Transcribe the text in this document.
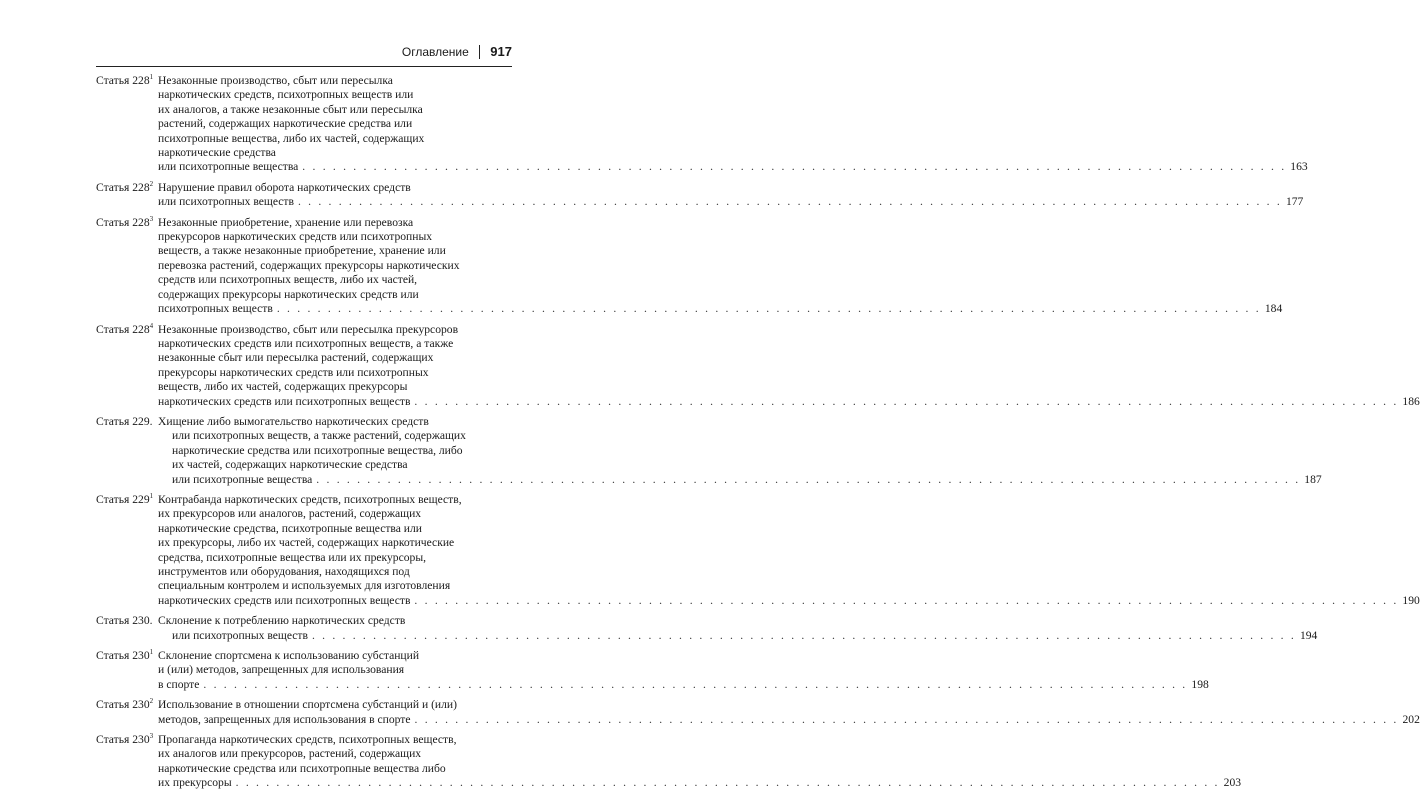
Оглавление 917
Статья $228^1$ Незаконные производство, сбыт или пересылка
наркотических средств, психотропных веществ или
их аналогов, а также незаконные сбыт или пересылка
растений, содержащих наркотические средства или
психотропные вещества, либо их частей, содержащих
наркотические средства
или психотропные вещества . . .	163
Статья $228^2$ Нарушение правил оборота наркотических средств
или психотропных веществ . . .	177
Статья $228^3$ Незаконные приобретение, хранение или перевозка
прекурсоров наркотических средств или психотропных
веществ, а также незаконные приобретение, хранение или
перевозка растений, содержащих прекурсоры наркотических
средств или психотропных веществ, либо их частей,
содержащих прекурсоры наркотических средств или
психотропных веществ . . .	184
Статья $228^4$ Незаконные производство, сбыт или пересылка прекурсоров
наркотических средств или психотропных веществ, а также
незаконные сбыт или пересылка растений, содержащих
прекурсоры наркотических средств или психотропных
веществ, либо их частей, содержащих прекурсоры
наркотических средств или психотропных веществ . . .	186
Статья 229. Хищение либо вымогательство наркотических средств
или психотропных веществ, а также растений, содержащих
наркотические средства или психотропные вещества, либо
их частей, содержащих наркотические средства
или психотропные вещества . . .	187
Статья $229^1$ Контрабанда наркотических средств, психотропных веществ,
их прекурсоров или аналогов, растений, содержащих
наркотические средства, психотропные вещества или
их прекурсоры, либо их частей, содержащих наркотические
средства, психотропные вещества или их прекурсоры,
инструментов или оборудования, находящихся под
специальным контролем и используемых для изготовления
наркотических средств или психотропных веществ . . .	190
Статья 230. Склонение к потреблению наркотических средств
или психотропных веществ . . .	194
Статья $230^1$ Склонение спортсмена к использованию субстанций
и (или) методов, запрещенных для использования
в спорте . . .	198
Статья $230^2$ Использование в отношении спортсмена субстанций и (или)
методов, запрещенных для использования в спорте . . .	202
Статья $230^3$ Пропаганда наркотических средств, психотропных веществ,
их аналогов или прекурсоров, растений, содержащих
наркотические средства или психотропные вещества либо
их прекурсоры . . .	203
